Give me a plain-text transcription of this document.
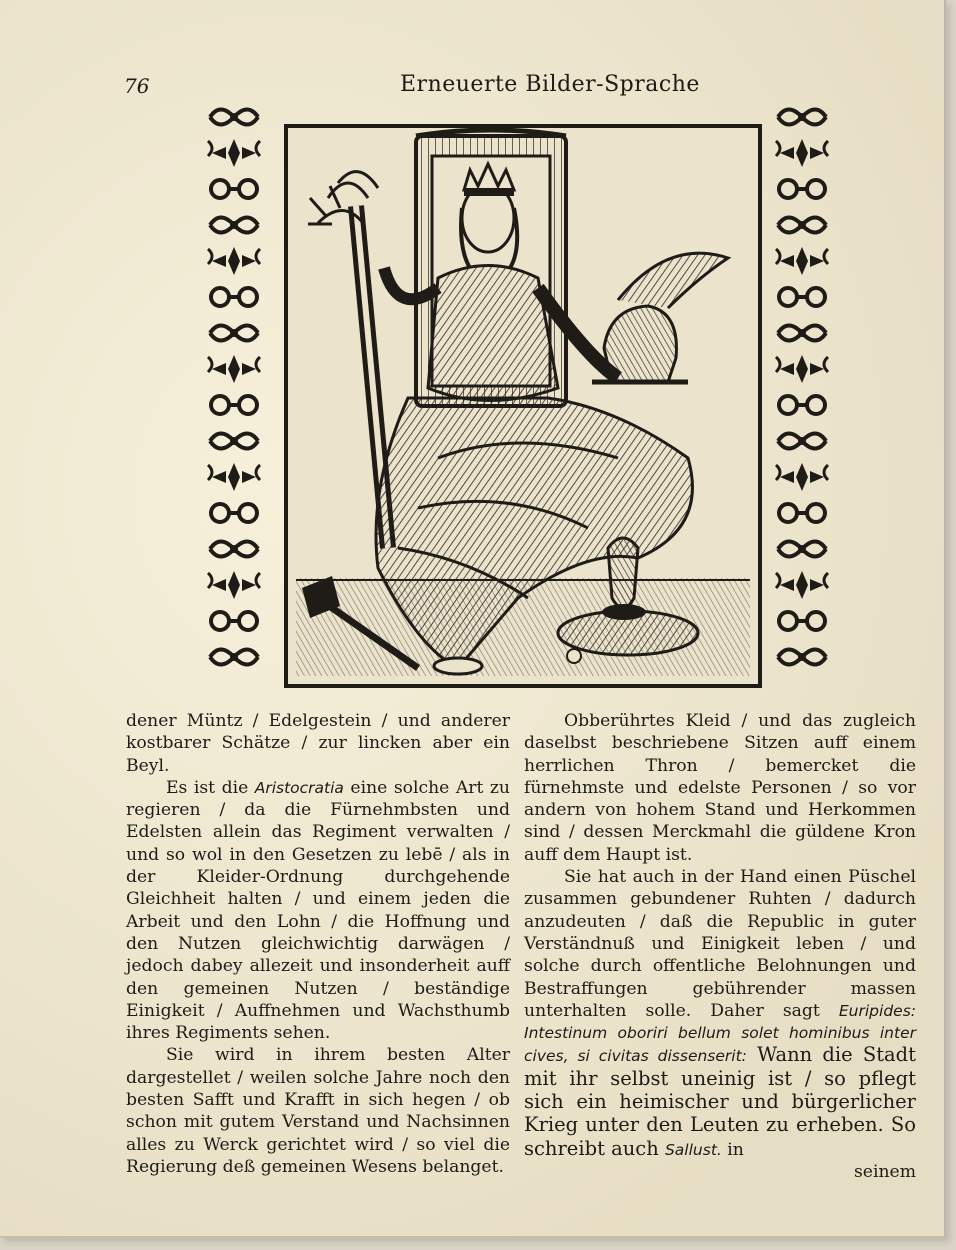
76	Erneuerte Bilder-Sprache

dener Müntz / Edelgestein / und anderer kostbarer Schätze / zur lincken aber ein Beyl.

Es ist die Aristocratia eine solche Art zu regieren / da die Fürnehmbsten und Edelsten allein das Regiment verwalten / und so wol in den Gesetzen zu lebē / als in der Kleider-Ordnung durchgehende Gleichheit halten / und einem jeden die Arbeit und den Lohn / die Hoffnung und den Nutzen gleichwichtig darwägen / jedoch dabey allezeit und insonderheit auff den gemeinen Nutzen / beständige Einigkeit / Auffnehmen und Wachsthumb ihres Regiments sehen.

Sie wird in ihrem besten Alter dargestellet / weilen solche Jahre noch den besten Safft und Krafft in sich hegen / ob schon mit gutem Verstand und Nachsinnen alles zu Werck gerichtet wird / so viel die Regierung deß gemeinen Wesens belanget.

Obberührtes Kleid / und das zugleich daselbst beschriebene Sitzen auff einem herrlichen Thron / bemercket die fürnehmste und edelste Personen / so vor andern von hohem Stand und Herkommen sind / dessen Merckmahl die güldene Kron auff dem Haupt ist.

Sie hat auch in der Hand einen Püschel zusammen gebundener Ruhten / dadurch anzudeuten / daß die Republic in guter Verständnuß und Einigkeit leben / und solche durch offentliche Belohnungen und Bestraffungen gebührender massen unterhalten solle. Daher sagt Euripides: Intestinum oboriri bellum solet hominibus inter cives, si civitas dissenserit: Wann die Stadt mit ihr selbst uneinig ist / so pflegt sich ein heimischer und bürgerlicher Krieg unter den Leuten zu erheben. So schreibt auch Sallust. in

seinem
